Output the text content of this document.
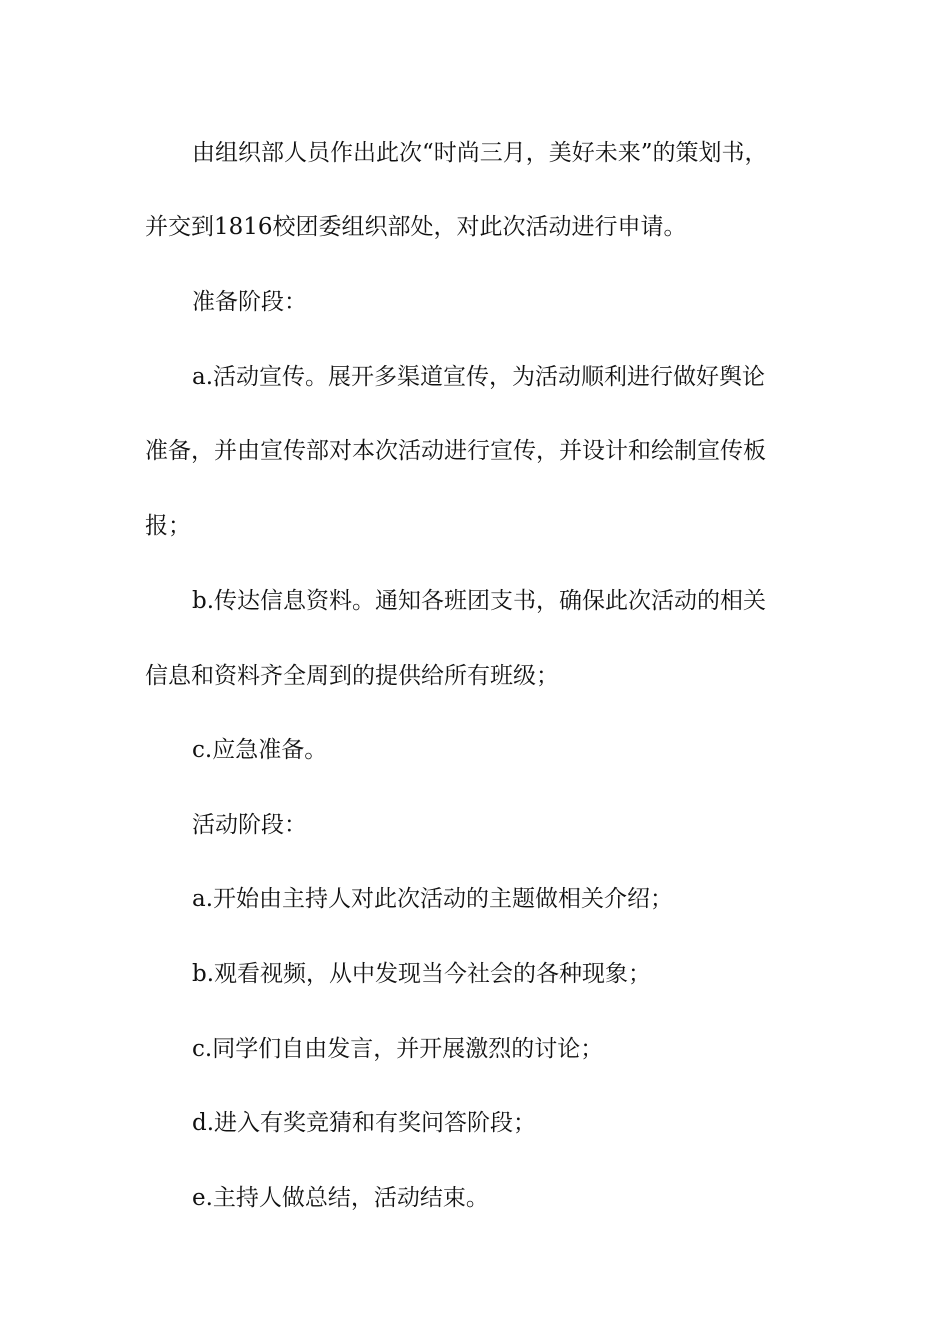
由组织部人员作出此次“时尚三月，美好未来”的策划书，
并交到1816校团委组织部处，对此次活动进行申请。
准备阶段：
a.活动宣传。展开多渠道宣传，为活动顺利进行做好舆论
准备，并由宣传部对本次活动进行宣传，并设计和绘制宣传板
报；
b.传达信息资料。通知各班团支书，确保此次活动的相关
信息和资料齐全周到的提供给所有班级；
c.应急准备。
活动阶段：
a.开始由主持人对此次活动的主题做相关介绍；
b.观看视频，从中发现当今社会的各种现象；
c.同学们自由发言，并开展激烈的讨论；
d.进入有奖竞猜和有奖问答阶段；
e.主持人做总结，活动结束。
